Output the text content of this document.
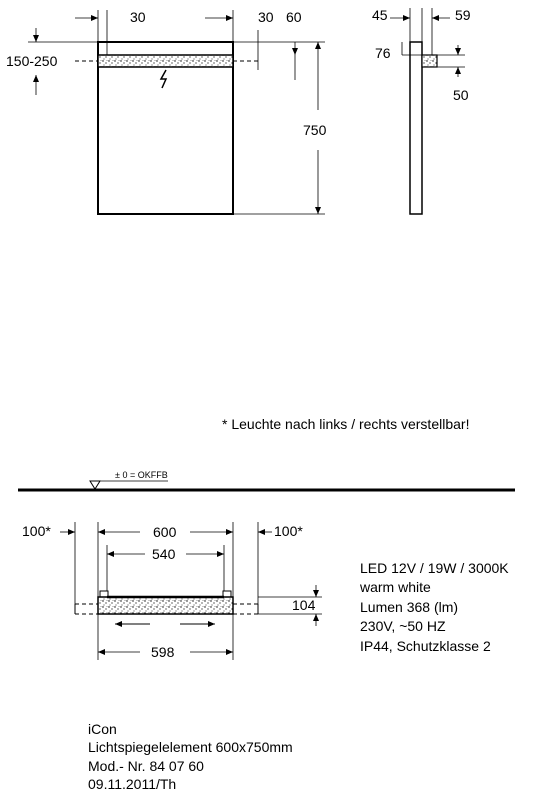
30	30 60
150-250
750
45	59
76
50
* Leuchte nach links / rechts verstellbar!
± 0 = OKFFB
100*	100*
600
540
104
598
LED 12V / 19W / 3000K
warm white
Lumen 368 (lm)
230V, ~50 HZ
IP44, Schutzklasse 2
iCon
Lichtspiegelelement 600x750mm
Mod.- Nr. 84 07 60
09.11.2011/Th
